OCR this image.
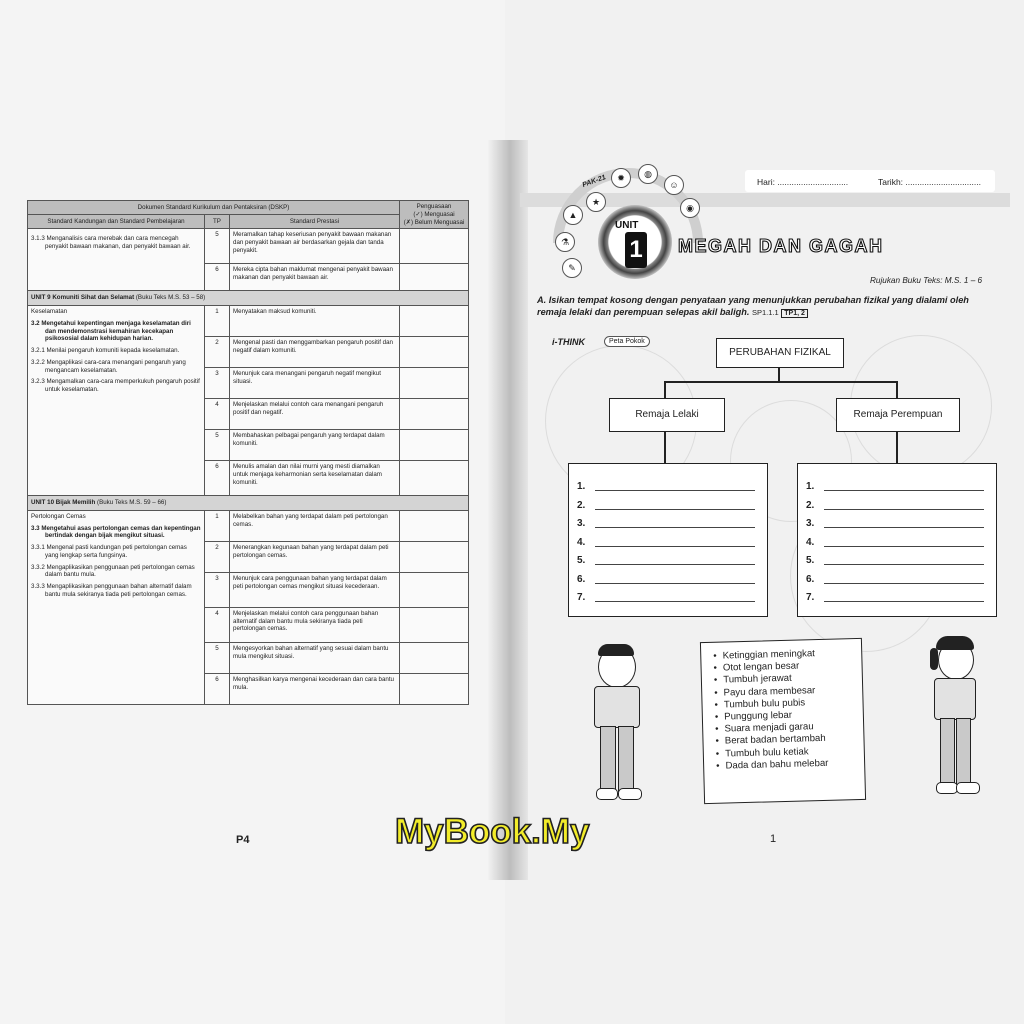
Dokumen Standard Kurikulum dan Pentaksiran (DSKP)			Penguasaan
(✓) Menguasai
(✗) Belum Menguasai
Standard Kandungan dan Standard Pembelajaran	TP	Standard Prestasi	

3.1.3 Menganalisis cara merebak dan cara mencegah penyakit bawaan makanan, dan penyakit bawaan air.	5	Meramalkan tahap keseriusan penyakit bawaan makanan dan penyakit bawaan air berdasarkan gejala dan tanda penyakit.	
	6	Mereka cipta bahan maklumat mengenai penyakit bawaan makanan dan penyakit bawaan air.	
UNIT 9 Komuniti Sihat dan Selamat (Buku Teks M.S. 53 – 58)			
Keselamatan
3.2 Mengetahui kepentingan menjaga keselamatan diri dan mendemonstrasi kemahiran kecekapan psikososial dalam kehidupan harian.
3.2.1 Menilai pengaruh komuniti kepada keselamatan.
3.2.2 Mengaplikasi cara-cara menangani pengaruh yang mengancam keselamatan.
3.2.3 Mengamalkan cara-cara memperkukuh pengaruh positif untuk keselamatan.	1	Menyatakan maksud komuniti.	
	2	Mengenal pasti dan menggambarkan pengaruh positif dan negatif dalam komuniti.	
	3	Menunjuk cara menangani pengaruh negatif mengikut situasi.	
	4	Menjelaskan melalui contoh cara menangani pengaruh positif dan negatif.	
	5	Membahaskan pelbagai pengaruh yang terdapat dalam komuniti.	
	6	Menulis amalan dan nilai murni yang mesti diamalkan untuk menjaga keharmonian serta keselamatan dalam komuniti.	
UNIT 10 Bijak Memilih (Buku Teks M.S. 59 – 66)			
Pertolongan Cemas
3.3 Mengetahui asas pertolongan cemas dan kepentingan bertindak dengan bijak mengikut situasi.
3.3.1 Mengenal pasti kandungan peti pertolongan cemas yang lengkap serta fungsinya.
3.3.2 Mengaplikasikan penggunaan peti pertolongan cemas dalam bantu mula.
3.3.3 Mengaplikasikan penggunaan bahan alternatif dalam bantu mula sekiranya tiada peti pertolongan cemas.	1	Melabelkan bahan yang terdapat dalam peti pertolongan cemas.	
	2	Menerangkan kegunaan bahan yang terdapat dalam peti pertolongan cemas.	
	3	Menunjuk cara penggunaan bahan yang terdapat dalam peti pertolongan cemas mengikut situasi kecederaan.	
	4	Menjelaskan melalui contoh cara penggunaan bahan alternatif dalam bantu mula sekiranya tiada peti pertolongan cemas.	
	5	Mengesyorkan bahan alternatif yang sesuai dalam bantu mula mengikut situasi.	
	6	Menghasilkan karya mengenai kecederaan dan cara bantu mula.	
P4
Hari: ..............................	Tarikh: ................................
★
✹	◍
☺
▲
⚗
✎
◉
PAK-21
UNIT
1 MEGAH DAN GAGAH
Rujukan Buku Teks: M.S. 1 – 6
A. Isikan tempat kosong dengan penyataan yang menunjukkan perubahan fizikal yang dialami oleh remaja lelaki dan perempuan selepas akil baligh. SP1.1.1 TP1, 2
i-THINK	Peta Pokok
PERUBAHAN FIZIKAL
Remaja Lelaki	Remaja Perempuan
1.
2.
3.
4.
5.
6.
7.
1.
2.
3.
4.
5.
6.
7.
• Ketinggian meningkat
• Otot lengan besar
• Tumbuh jerawat
• Payu dara membesar
• Tumbuh bulu pubis
• Punggung lebar
• Suara menjadi garau
• Berat badan bertambah
• Tumbuh bulu ketiak
• Dada dan bahu melebar
1
MyBook.My
